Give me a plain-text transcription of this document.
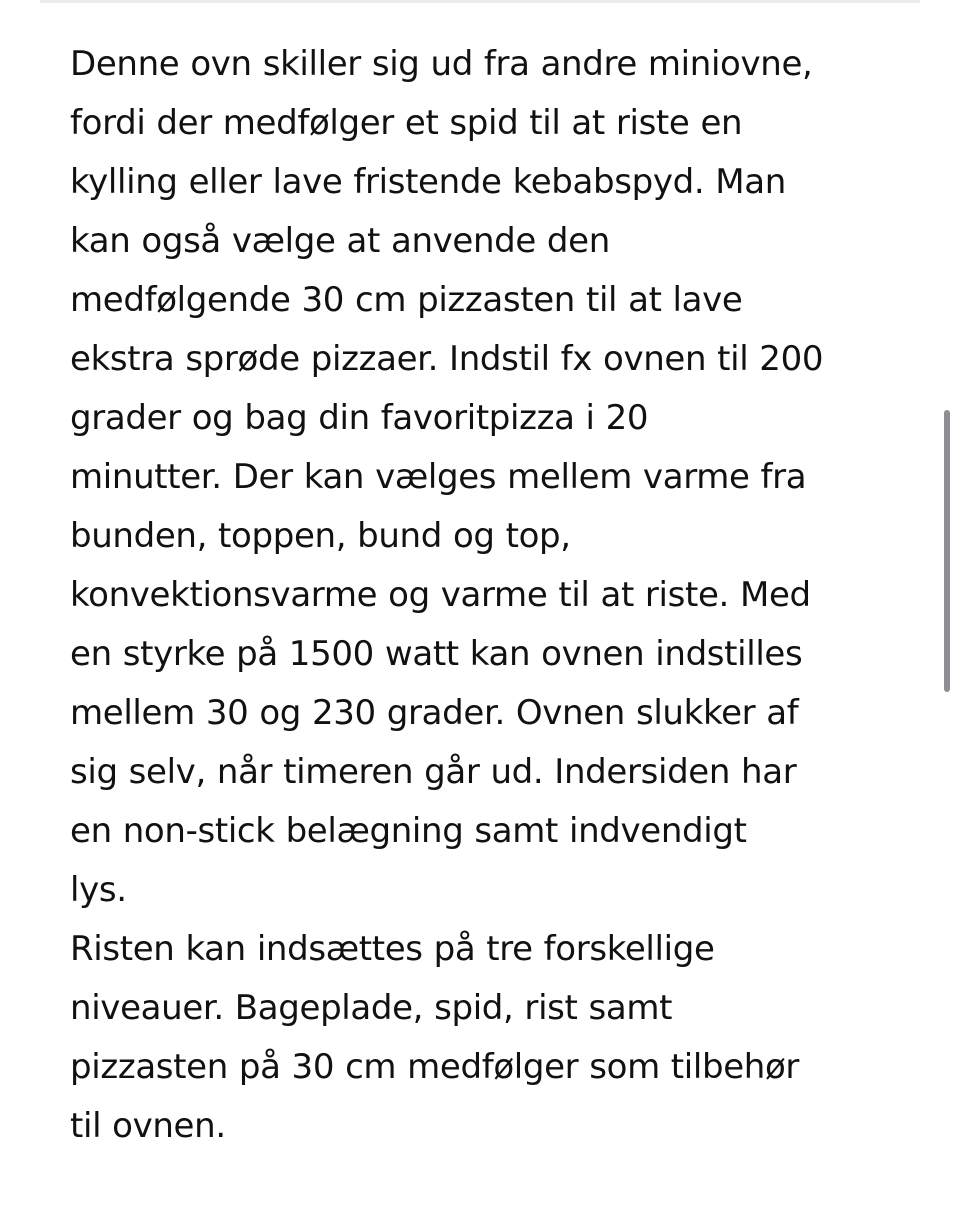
Denne ovn skiller sig ud fra andre miniovne,
fordi der medfølger et spid til at riste en
kylling eller lave fristende kebabspyd. Man
kan også vælge at anvende den
medfølgende 30 cm pizzasten til at lave
ekstra sprøde pizzaer. Indstil fx ovnen til 200
grader og bag din favoritpizza i 20
minutter. Der kan vælges mellem varme fra
bunden, toppen, bund og top,
konvektionsvarme og varme til at riste. Med
en styrke på 1500 watt kan ovnen indstilles
mellem 30 og 230 grader. Ovnen slukker af
sig selv, når timeren går ud. Indersiden har
en non-stick belægning samt indvendigt
lys.
Risten kan indsættes på tre forskellige
niveauer. Bageplade, spid, rist samt
pizzasten på 30 cm medfølger som tilbehør
til ovnen.
